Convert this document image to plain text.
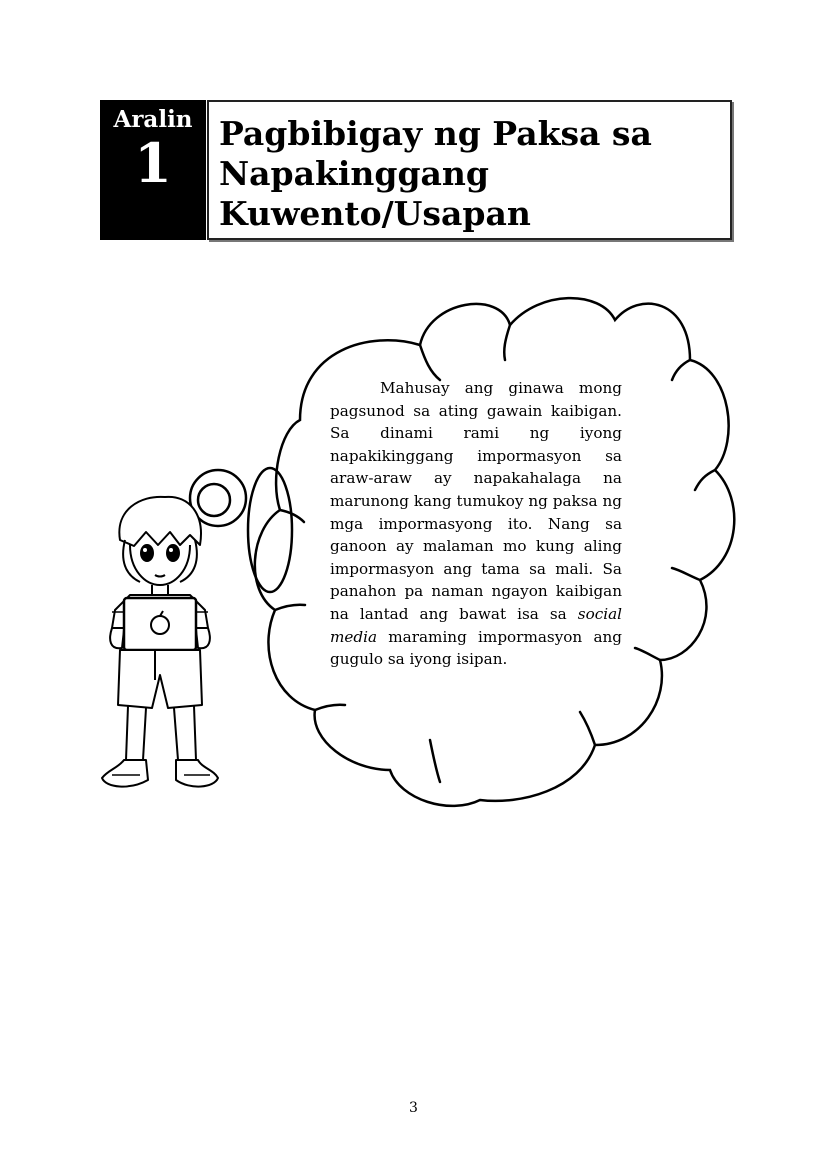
Aralin
1	Pagbibigay ng Paksa sa
Napakinggang
Kuwento/Usapan
Mahusay ang ginawa mong pagsunod sa ating gawain kaibigan. Sa dinami rami ng iyong napakikinggang impormasyon sa araw-araw ay napakahalaga na marunong kang tumukoy ng paksa ng mga impormasyong ito. Nang sa ganoon ay malaman mo kung aling impormasyon ang tama sa mali. Sa panahon pa naman ngayon kaibigan na lantad ang bawat isa sa social media maraming impormasyon ang gugulo sa iyong isipan.
3
